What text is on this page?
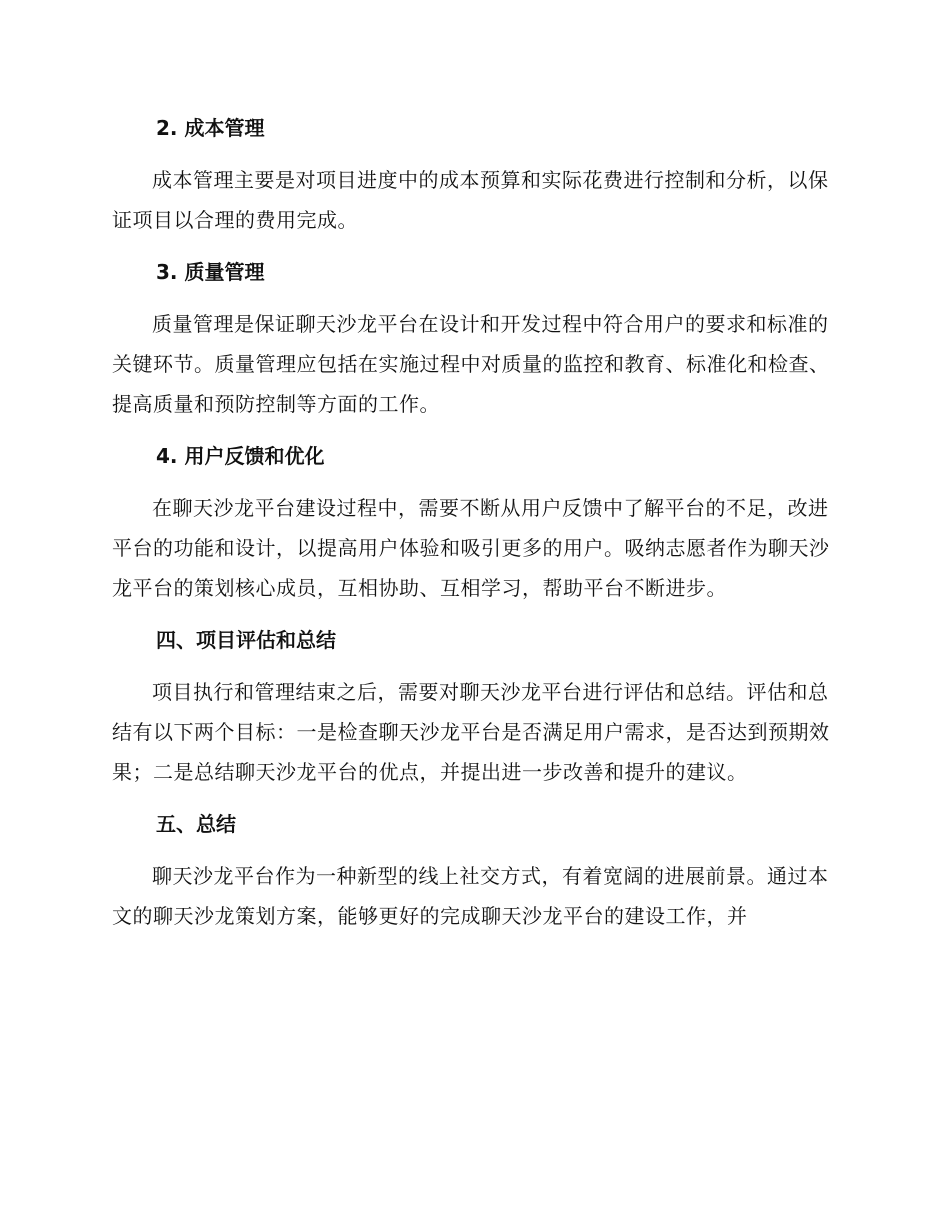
2. 成本管理

成本管理主要是对项目进度中的成本预算和实际花费进行控制和分析，以保证项目以合理的费用完成。

3. 质量管理

质量管理是保证聊天沙龙平台在设计和开发过程中符合用户的要求和标准的关键环节。质量管理应包括在实施过程中对质量的监控和教育、标准化和检查、提高质量和预防控制等方面的工作。

4. 用户反馈和优化

在聊天沙龙平台建设过程中，需要不断从用户反馈中了解平台的不足，改进平台的功能和设计，以提高用户体验和吸引更多的用户。吸纳志愿者作为聊天沙龙平台的策划核心成员，互相协助、互相学习，帮助平台不断进步。

四、项目评估和总结

项目执行和管理结束之后，需要对聊天沙龙平台进行评估和总结。评估和总结有以下两个目标：一是检查聊天沙龙平台是否满足用户需求，是否达到预期效果；二是总结聊天沙龙平台的优点，并提出进一步改善和提升的建议。

五、总结

聊天沙龙平台作为一种新型的线上社交方式，有着宽阔的进展前景。通过本文的聊天沙龙策划方案，能够更好的完成聊天沙龙平台的建设工作，并
